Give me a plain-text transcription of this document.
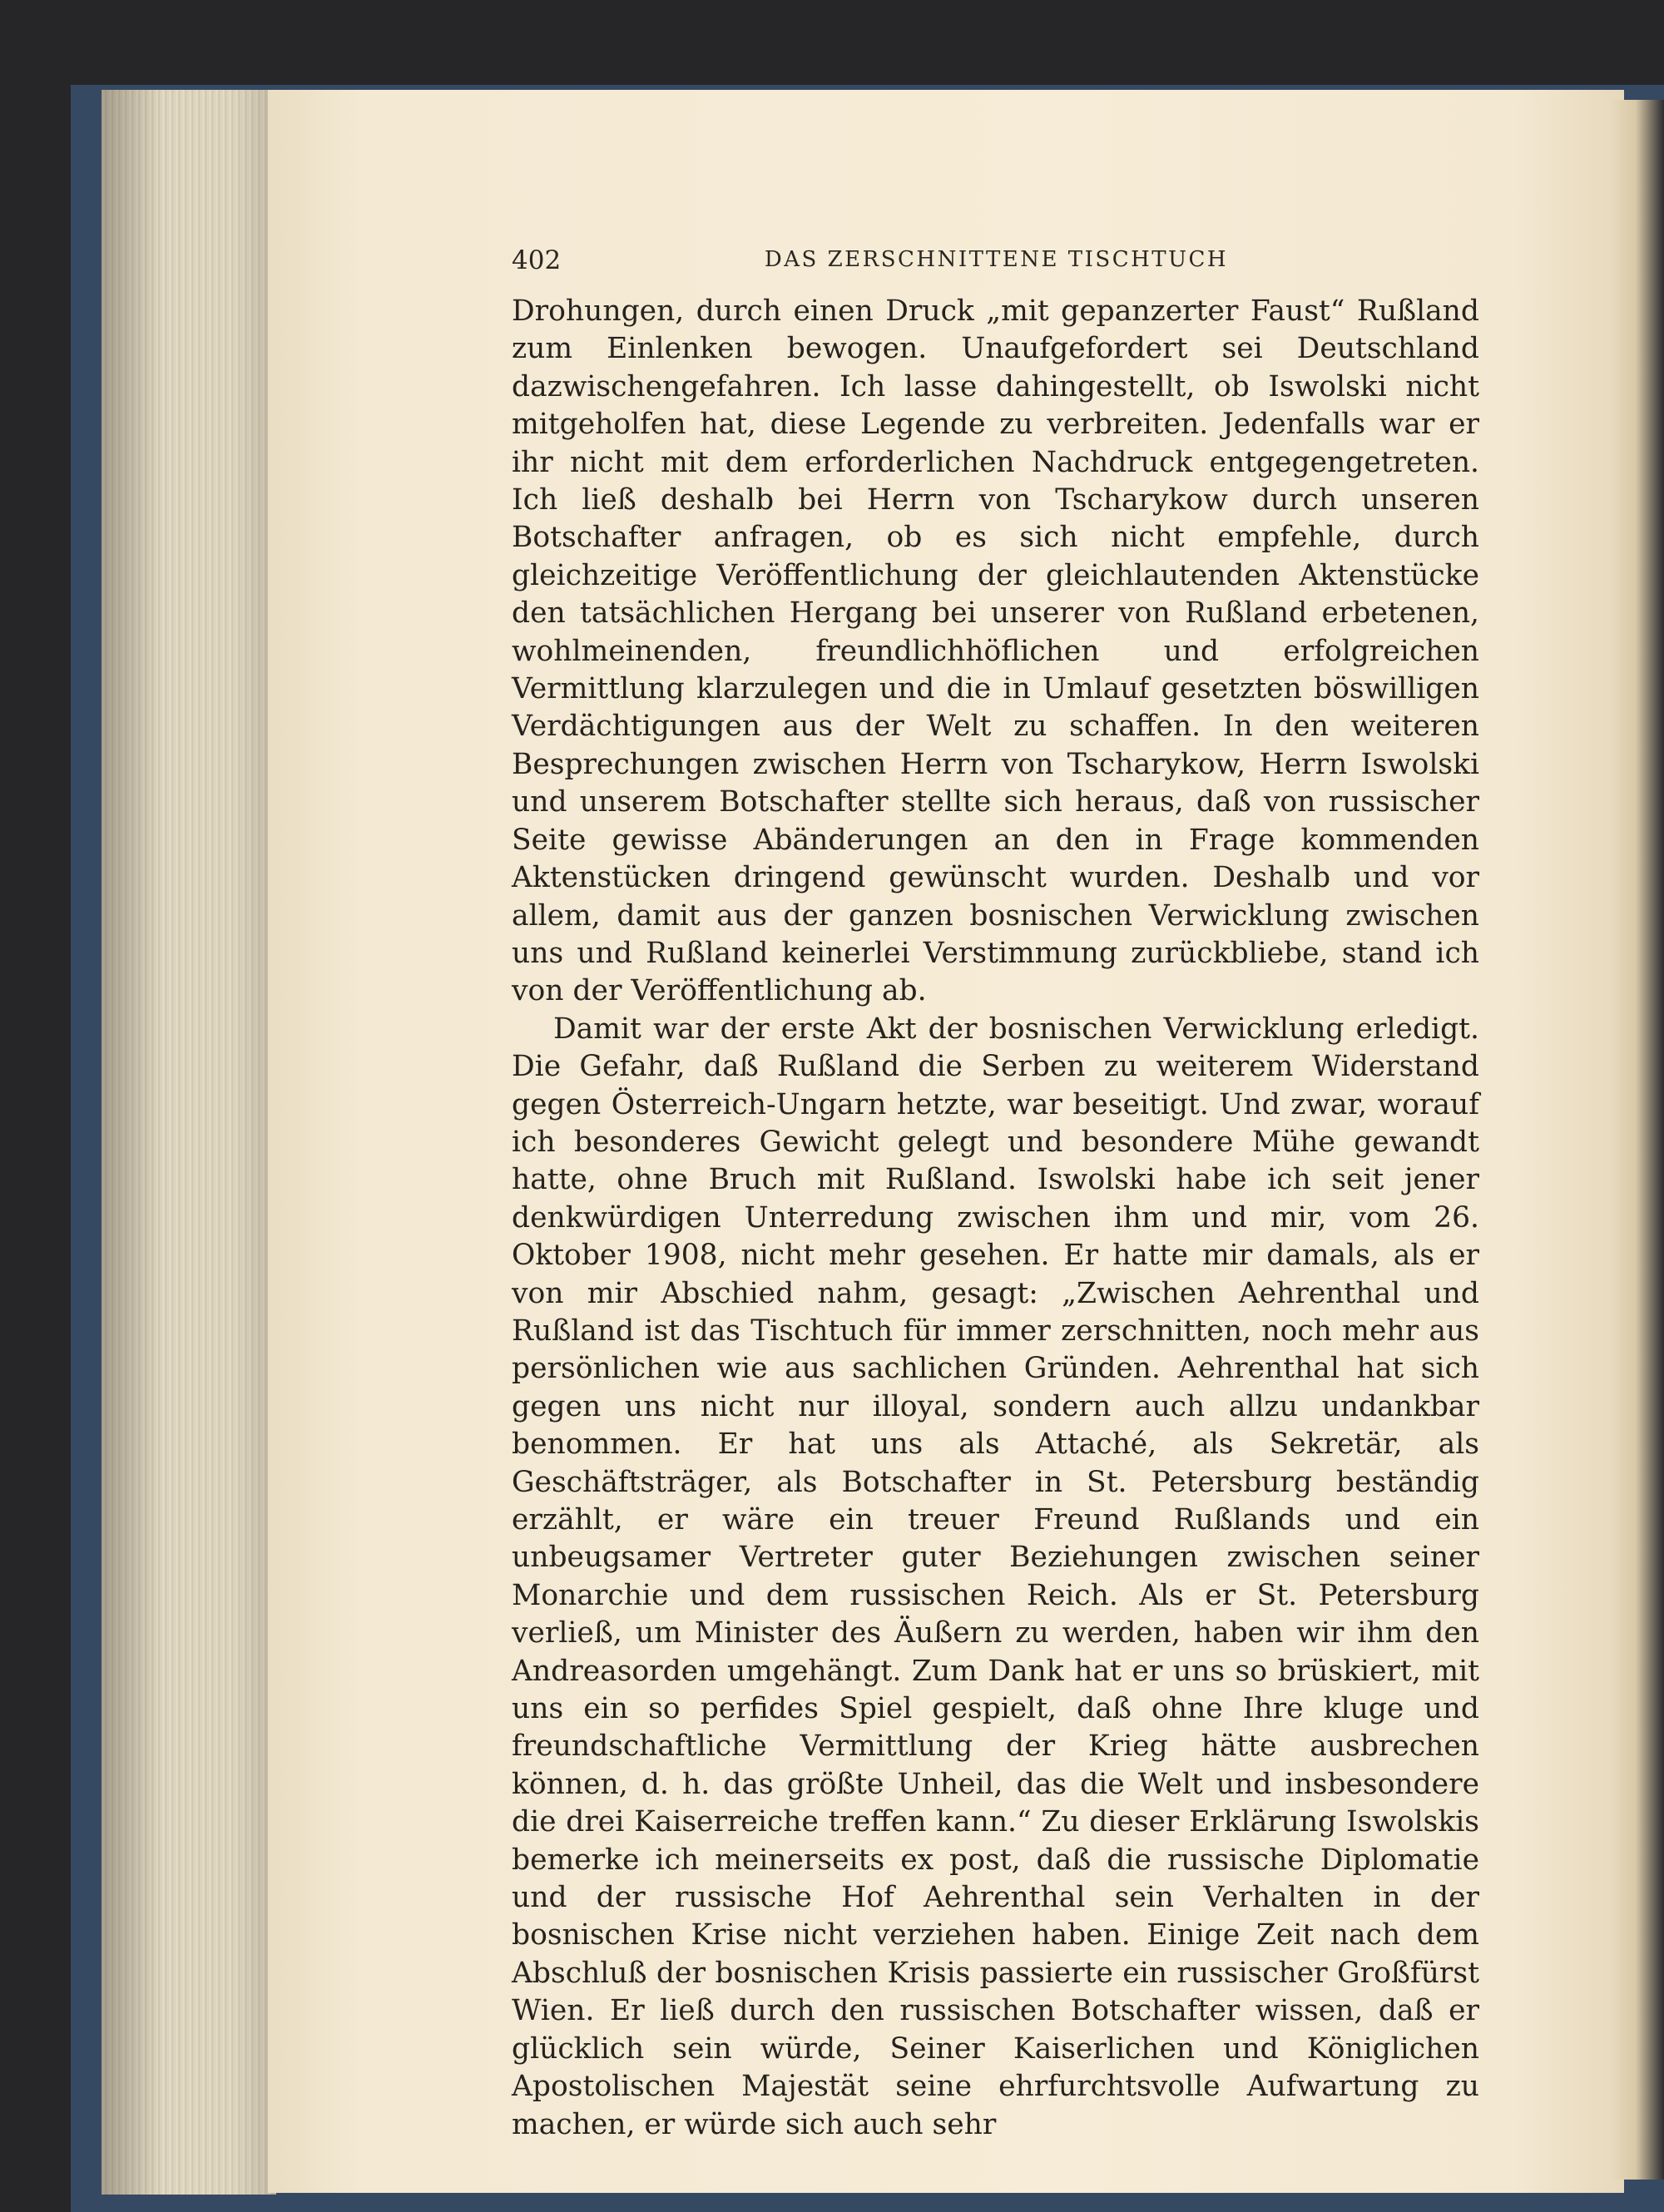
402	DAS ZERSCHNITTENE TISCHTUCH

Drohungen, durch einen Druck „mit gepanzerter Faust“ Rußland zum Einlenken bewogen. Unaufgefordert sei Deutschland dazwischengefahren. Ich lasse dahingestellt, ob Iswolski nicht mitgeholfen hat, diese Legende zu verbreiten. Jedenfalls war er ihr nicht mit dem erforderlichen Nachdruck entgegengetreten. Ich ließ deshalb bei Herrn von Tscharykow durch unseren Botschafter anfragen, ob es sich nicht empfehle, durch gleichzeitige Veröffentlichung der gleichlautenden Aktenstücke den tatsächlichen Hergang bei unserer von Rußland erbetenen, wohlmeinenden, freundlichhöflichen und erfolgreichen Vermittlung klarzulegen und die in Umlauf gesetzten böswilligen Verdächtigungen aus der Welt zu schaffen. In den weiteren Besprechungen zwischen Herrn von Tscharykow, Herrn Iswolski und unserem Botschafter stellte sich heraus, daß von russischer Seite gewisse Abänderungen an den in Frage kommenden Aktenstücken dringend gewünscht wurden. Deshalb und vor allem, damit aus der ganzen bosnischen Verwicklung zwischen uns und Rußland keinerlei Verstimmung zurückbliebe, stand ich von der Veröffentlichung ab.

Damit war der erste Akt der bosnischen Verwicklung erledigt. Die Gefahr, daß Rußland die Serben zu weiterem Widerstand gegen Österreich-Ungarn hetzte, war beseitigt. Und zwar, worauf ich besonderes Gewicht gelegt und besondere Mühe gewandt hatte, ohne Bruch mit Rußland. Iswolski habe ich seit jener denkwürdigen Unterredung zwischen ihm und mir, vom 26. Oktober 1908, nicht mehr gesehen. Er hatte mir damals, als er von mir Abschied nahm, gesagt: „Zwischen Aehrenthal und Rußland ist das Tischtuch für immer zerschnitten, noch mehr aus persönlichen wie aus sachlichen Gründen. Aehrenthal hat sich gegen uns nicht nur illoyal, sondern auch allzu undankbar benommen. Er hat uns als Attaché, als Sekretär, als Geschäftsträger, als Botschafter in St. Petersburg beständig erzählt, er wäre ein treuer Freund Rußlands und ein unbeugsamer Vertreter guter Beziehungen zwischen seiner Monarchie und dem russischen Reich. Als er St. Petersburg verließ, um Minister des Äußern zu werden, haben wir ihm den Andreasorden umgehängt. Zum Dank hat er uns so brüskiert, mit uns ein so perfides Spiel gespielt, daß ohne Ihre kluge und freundschaftliche Vermittlung der Krieg hätte ausbrechen können, d. h. das größte Unheil, das die Welt und insbesondere die drei Kaiserreiche treffen kann.“ Zu dieser Erklärung Iswolskis bemerke ich meinerseits ex post, daß die russische Diplomatie und der russische Hof Aehrenthal sein Verhalten in der bosnischen Krise nicht verziehen haben. Einige Zeit nach dem Abschluß der bosnischen Krisis passierte ein russischer Großfürst Wien. Er ließ durch den russischen Botschafter wissen, daß er glücklich sein würde, Seiner Kaiserlichen und Königlichen Apostolischen Majestät seine ehrfurchtsvolle Aufwartung zu machen, er würde sich auch sehr
